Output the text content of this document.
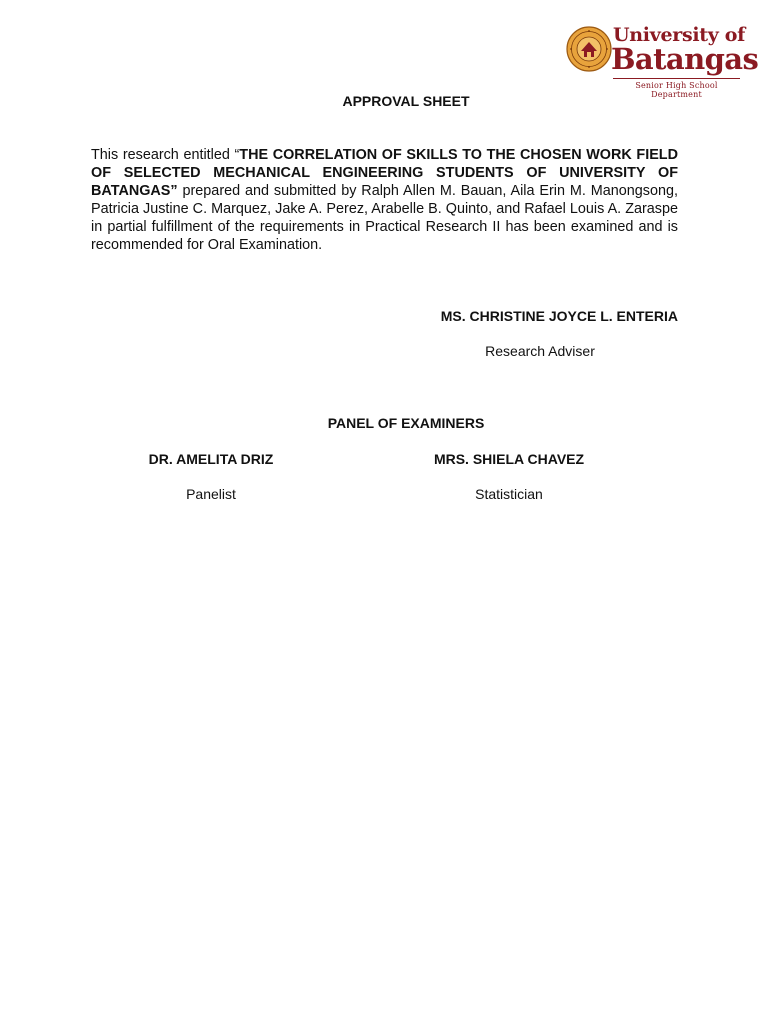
University of
Batangas
Senior High School
Department
APPROVAL SHEET
This research entitled “THE CORRELATION OF SKILLS TO THE CHOSEN WORK FIELD OF SELECTED MECHANICAL ENGINEERING STUDENTS OF UNIVERSITY OF BATANGAS” prepared and submitted by Ralph Allen M. Bauan, Aila Erin M. Manongsong, Patricia Justine C. Marquez, Jake A. Perez, Arabelle B. Quinto, and Rafael Louis A. Zaraspe in partial fulfillment of the requirements in Practical Research II has been examined and is recommended for Oral Examination.
MS. CHRISTINE JOYCE L. ENTERIA
Research Adviser
PANEL OF EXAMINERS
DR. AMELITA DRIZ	MRS. SHIELA CHAVEZ
Panelist	Statistician
